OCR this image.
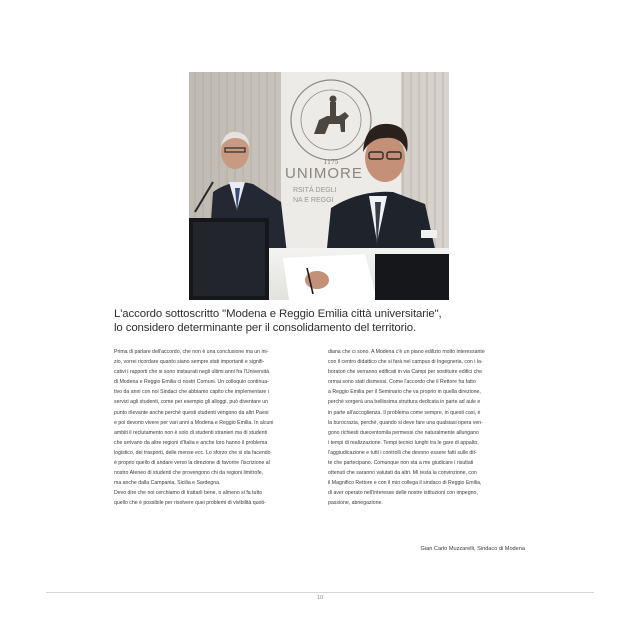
1175
UNIMORE
RSITÀ DEGLI
NA E REGGI
L'accordo sottoscritto "Modena e Reggio Emilia città universitarie",
lo considero determinante per il consolidamento del territorio.

Prima di parlare dell'accordo, che non è una conclusione ma un ini-
zio, vorrei ricordare quanto siano sempre stati importanti e signifi-
cativi i rapporti che si sono instaurati negli ultimi anni fra l'Università
di Modena e Reggio Emilia ci nostri Comuni. Un colloquio continua-
tivo da anni con noi Sindaci che abbiamo capito che implementare i
servizi agli studenti, come per esempio gli alloggi, può diventare un
punto rilevante anche perché questi studenti vengono da altri Paesi
e poi devono vivere per vari anni a Modena e Reggio Emilia. In alcuni
ambiti il reclutamento non è solo di studenti stranieri ma di studenti
che arrivano da altre regioni d'Italia e anche loro hanno il problema
logistico, dei trasporti, delle mense ecc. Lo sforzo che si sta facendo
è proprio quello di andare verso la direzione di favorire l'iscrizione al
nostro Ateneo di studenti che provengono chi da regioni limitrofe,
ma anche dalla Campania, Sicilia e Sardegna.

Devo dire che noi cerchiamo di trattarli bene, o almeno si fa tutto
quello che è possibile per risolvere quei problemi di vivibilità quoti-

diana che ci sono. A Modena c'è un piano edilizio molto interessante
con il centro didattico che si farà nel campus di Ingegneria, con i la-
boratori che verranno edificati in via Campi per sostituire edifici che
ormai sono stati dismessi. Come l'accordo che il Rettore ha fatto
a Reggio Emilia per il Seminario che va proprio in quella direzione,
perché sorgerà una bellissima struttura dedicata in parte ad aule e
in parte all'accoglienza. Il problema come sempre, in questi casi, è
la burocrazia, perché, quando si deve fare una qualsiasi opera ven-
gono richiesti duecentomila permessi che naturalmente allungano
i tempi di realizzazione. Tempi tecnici lunghi tra le gare di appalto,
l'aggiudicazione e tutti i controlli che devono essere fatti sulle dit-
te che partecipano. Comunque non sta a me giudicare i risultati
ottenuti che saranno valutati da altri. Mi resta la convinzione, con
il Magnifico Rettore e con il mio collega il sindaco di Reggio Emilia,
di aver operato nell'interesse delle nostre istituzioni con impegno,
passione, abnegazione.

Gian Carlo Muzzarelli, Sindaco di Modena
10
